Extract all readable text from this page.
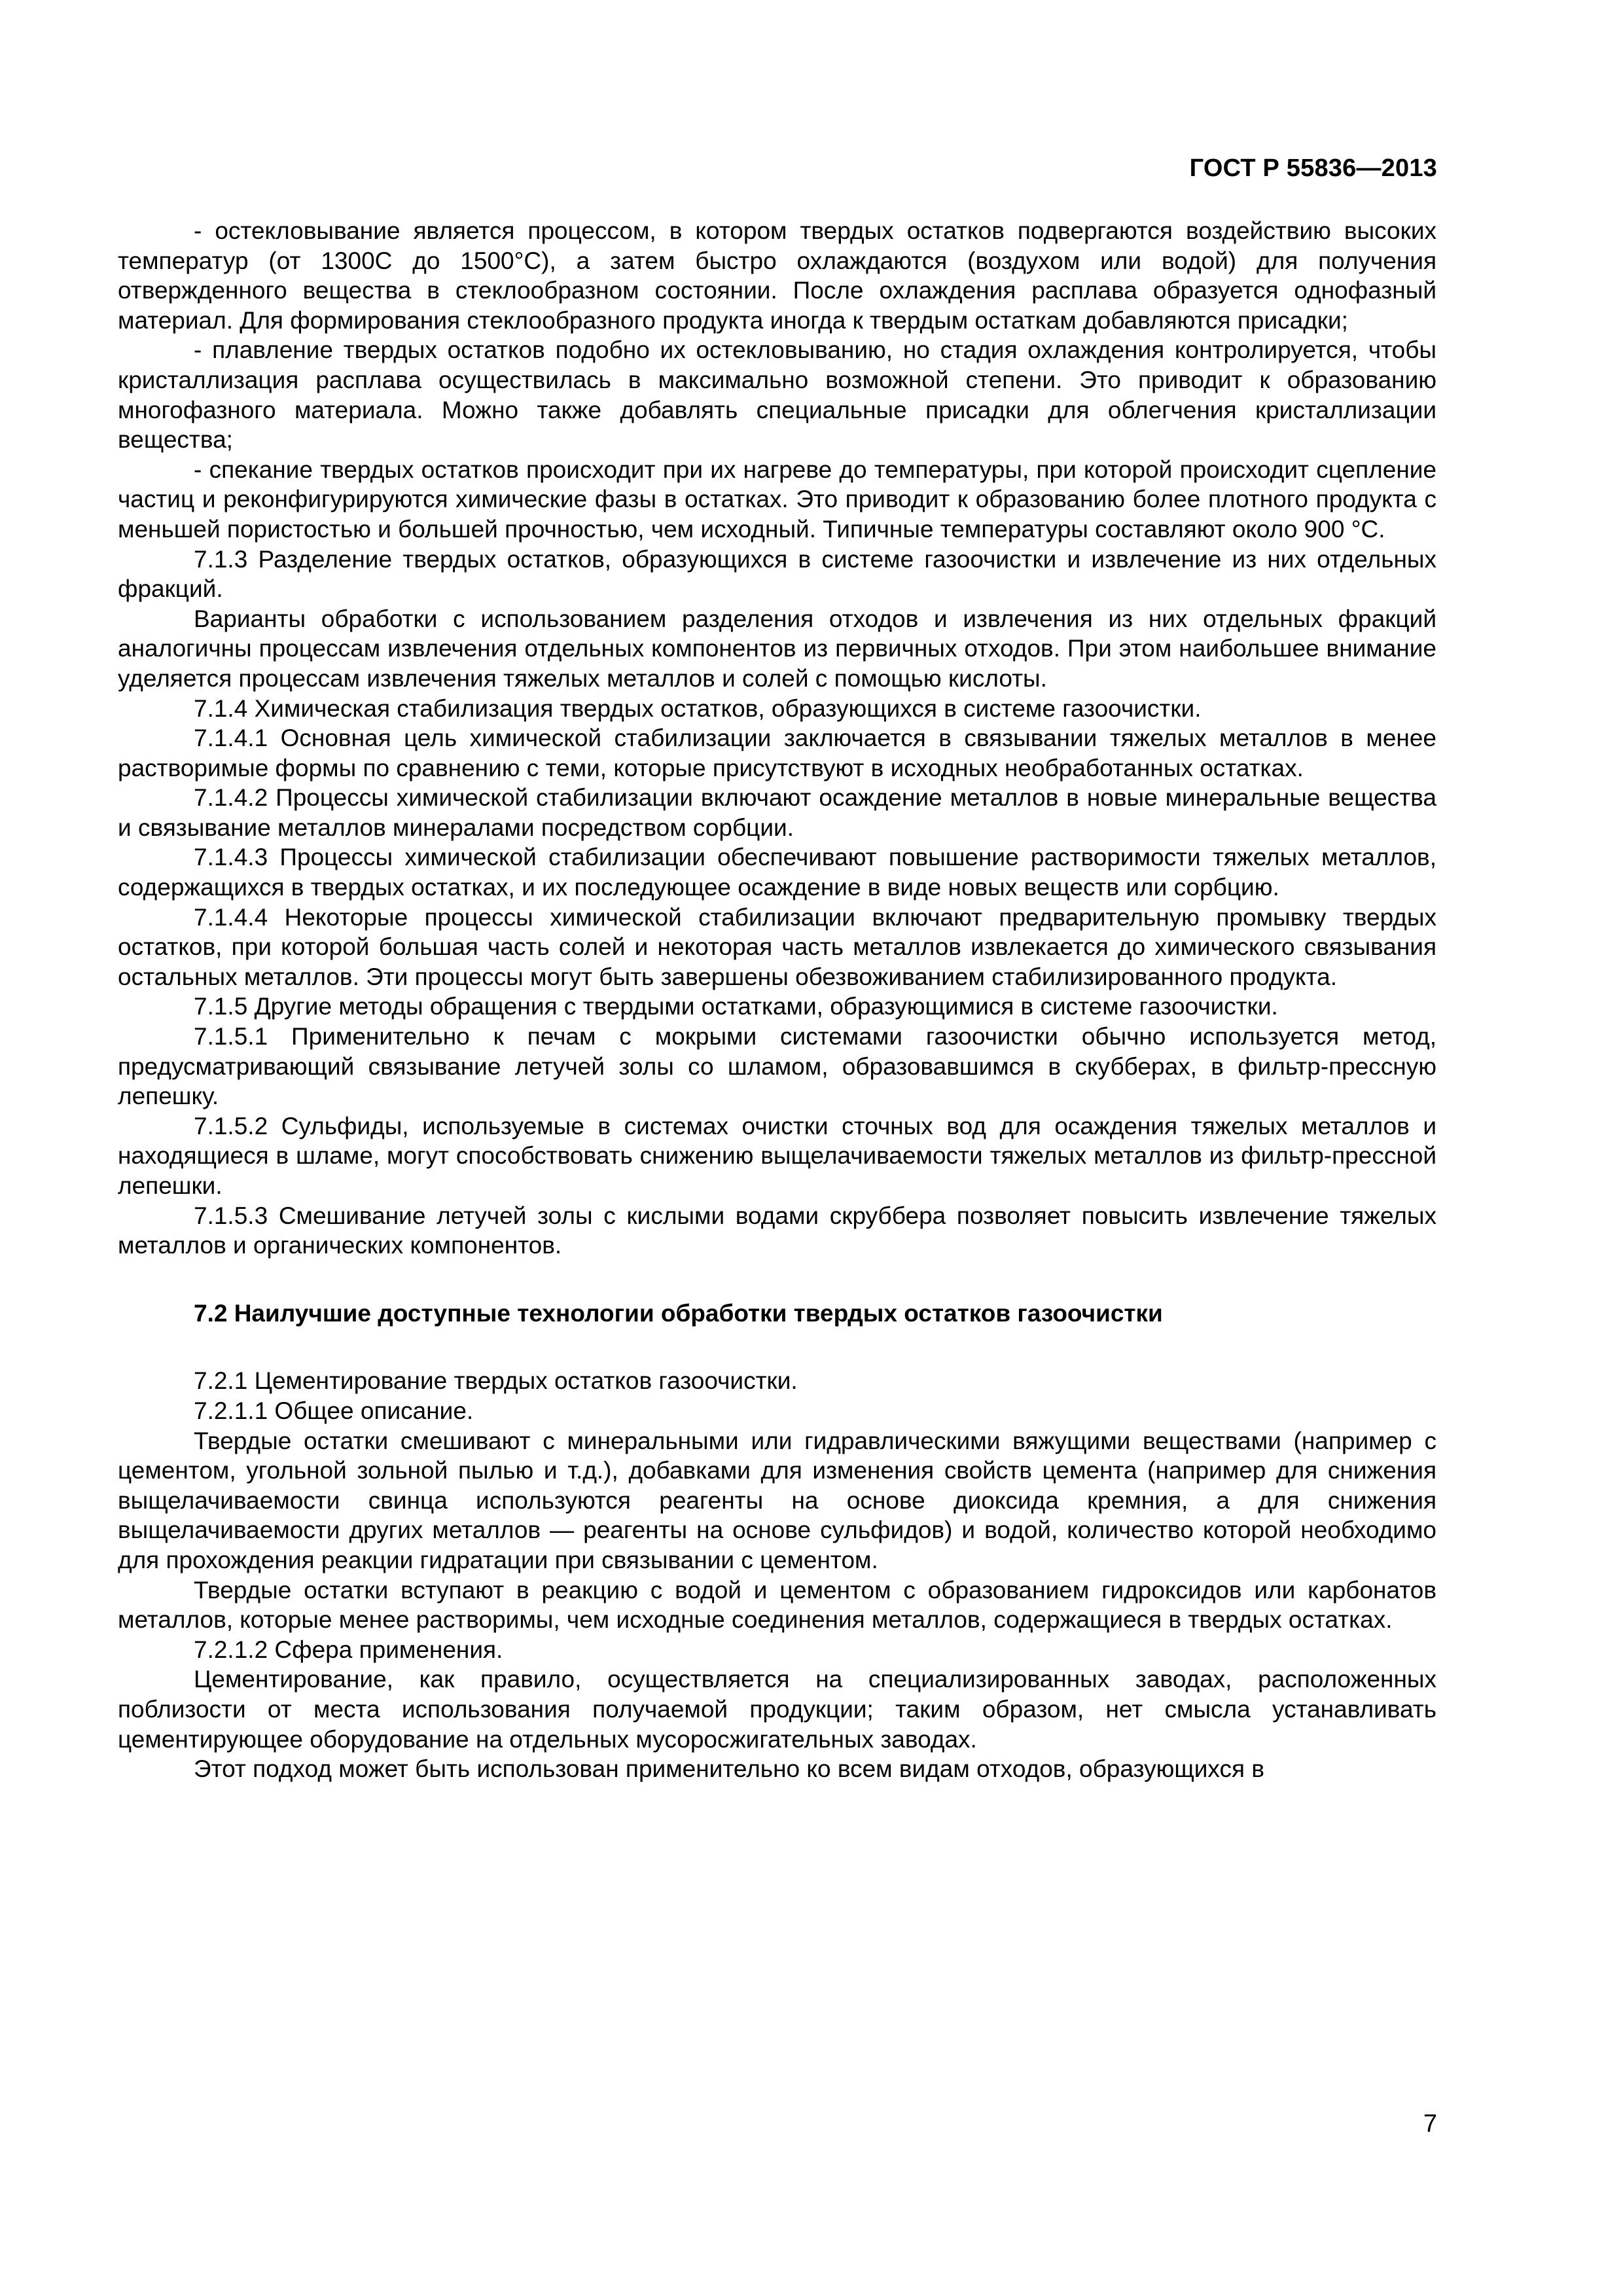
ГОСТ Р 55836—2013

- остекловывание является процессом, в котором твердых остатков подвергаются воздействию высоких температур (от 1300С до 1500°С), а затем быстро охлаждаются (воздухом или водой) для получения отвержденного вещества в стеклообразном состоянии. После охлаждения расплава образуется однофазный материал. Для формирования стеклообразного продукта иногда к твердым остаткам добавляются присадки;

- плавление твердых остатков подобно их остекловыванию, но стадия охлаждения контролируется, чтобы кристаллизация расплава осуществилась в максимально возможной степени. Это приводит к образованию многофазного материала. Можно также добавлять специальные присадки для облегчения кристаллизации вещества;

- спекание твердых остатков происходит при их нагреве до температуры, при которой происходит сцепление частиц и реконфигурируются химические фазы в остатках. Это приводит к образованию более плотного продукта с меньшей пористостью и большей прочностью, чем исходный. Типичные температуры составляют около 900 °С.

7.1.3 Разделение твердых остатков, образующихся в системе газоочистки и извлечение из них отдельных фракций.

Варианты обработки с использованием разделения отходов и извлечения из них отдельных фракций аналогичны процессам извлечения отдельных компонентов из первичных отходов. При этом наибольшее внимание уделяется процессам извлечения тяжелых металлов и солей с помощью кислоты.

7.1.4 Химическая стабилизация твердых остатков, образующихся в системе газоочистки.

7.1.4.1 Основная цель химической стабилизации заключается в связывании тяжелых металлов в менее растворимые формы по сравнению с теми, которые присутствуют в исходных необработанных остатках.

7.1.4.2 Процессы химической стабилизации включают осаждение металлов в новые минеральные вещества и связывание металлов минералами посредством сорбции.

7.1.4.3 Процессы химической стабилизации обеспечивают повышение растворимости тяжелых металлов, содержащихся в твердых остатках, и их последующее осаждение в виде новых веществ или сорбцию.

7.1.4.4 Некоторые процессы химической стабилизации включают предварительную промывку твердых остатков, при которой большая часть солей и некоторая часть металлов извлекается до химического связывания остальных металлов. Эти процессы могут быть завершены обезвоживанием стабилизированного продукта.

7.1.5 Другие методы обращения с твердыми остатками, образующимися в системе газоочистки.

7.1.5.1 Применительно к печам с мокрыми системами газоочистки обычно используется метод, предусматривающий связывание летучей золы со шламом, образовавшимся в скубберах, в фильтр-прессную лепешку.

7.1.5.2 Сульфиды, используемые в системах очистки сточных вод для осаждения тяжелых металлов и находящиеся в шламе, могут способствовать снижению выщелачиваемости тяжелых металлов из фильтр-прессной лепешки.

7.1.5.3 Смешивание летучей золы с кислыми водами скруббера позволяет повысить извлечение тяжелых металлов и органических компонентов.

7.2 Наилучшие доступные технологии обработки твердых остатков газоочистки

7.2.1 Цементирование твердых остатков газоочистки.

7.2.1.1 Общее описание.

Твердые остатки смешивают с минеральными или гидравлическими вяжущими веществами (например с цементом, угольной зольной пылью и т.д.), добавками для изменения свойств цемента (например для снижения выщелачиваемости свинца используются реагенты на основе диоксида кремния, а для снижения выщелачиваемости других металлов — реагенты на основе сульфидов) и водой, количество которой необходимо для прохождения реакции гидратации при связывании с цементом.

Твердые остатки вступают в реакцию с водой и цементом с образованием гидроксидов или карбонатов металлов, которые менее растворимы, чем исходные соединения металлов, содержащиеся в твердых остатках.

7.2.1.2 Сфера применения.

Цементирование, как правило, осуществляется на специализированных заводах, расположенных поблизости от места использования получаемой продукции; таким образом, нет смысла устанавливать цементирующее оборудование на отдельных мусоросжигательных заводах.

Этот подход может быть использован применительно ко всем видам отходов, образующихся в

7
